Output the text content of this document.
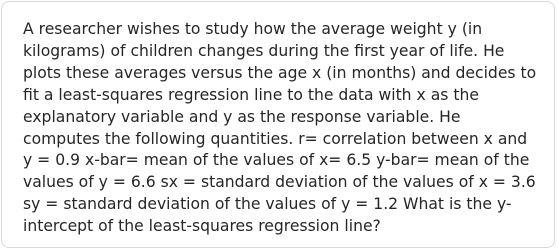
A researcher wishes to study how the average weight y (in kilograms) of children changes during the first year of life. He plots these averages versus the age x (in months) and decides to fit a least-squares regression line to the data with x as the explanatory variable and y as the response variable. He computes the following quantities. r= correlation between x and y = 0.9 x-bar= mean of the values of x= 6.5 y-bar= mean of the values of y = 6.6 sx = standard deviation of the values of x = 3.6 sy = standard deviation of the values of y = 1.2 What is the y-intercept of the least-squares regression line?
